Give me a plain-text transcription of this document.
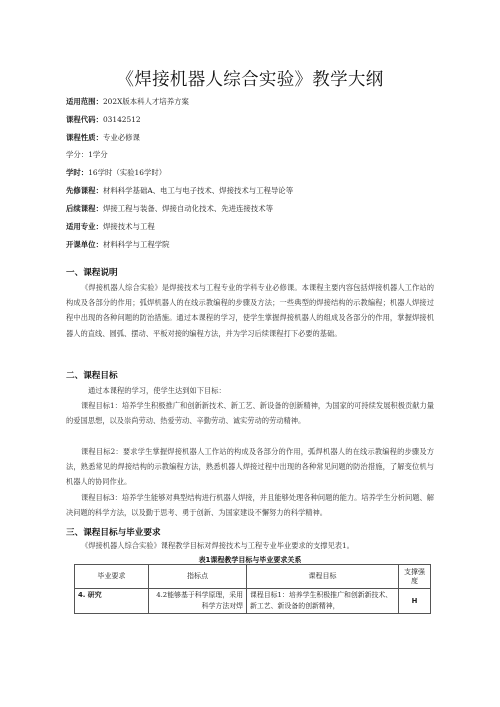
《焊接机器人综合实验》教学大纲
适用范围：202X版本科人才培养方案
课程代码：03142512
课程性质：专业必修课
学分：1学分
学时：16学时（实验16学时）
先修课程：材料科学基础A、电工与电子技术、焊接技术与工程导论等
后续课程：焊接工程与装备、焊接自动化技术、先进连接技术等
适用专业：焊接技术与工程
开课单位：材料科学与工程学院
一、课程说明
《焊接机器人综合实验》是焊接技术与工程专业的学科专业必修课。本课程主要内容包括焊接机器人工作站的构成及各部分的作用；弧焊机器人的在线示教编程的步骤及方法；一些典型的焊接结构的示教编程；机器人焊接过程中出现的各种问题的防治措施。通过本课程的学习，使学生掌握焊接机器人的组成及各部分的作用，掌握焊接机器人的直线、圆弧、摆动、平板对接的编程方法，并为学习后续课程打下必要的基础。
二、课程目标
通过本课程的学习，使学生达到如下目标：
课程目标1：培养学生积极推广和创新新技术、新工艺、新设备的创新精神，为国家的可持续发展积极贡献力量的爱国思想，以及崇尚劳动、热爱劳动、辛勤劳动、诚实劳动的劳动精神。
课程目标2：要求学生掌握焊接机器人工作站的构成及各部分的作用，弧焊机器人的在线示教编程的步骤及方法，熟悉常见的焊接结构的示教编程方法，熟悉机器人焊接过程中出现的各种常见问题的防治措施，了解变位机与机器人的协同作业。
课程目标3：培养学生能够对典型结构进行机器人焊接，并且能够处理各种问题的能力。培养学生分析问题、解决问题的科学方法，以及勤于思考、勇于创新、为国家建设不懈努力的科学精神。
三、课程目标与毕业要求
《焊接机器人综合实验》课程教学目标对焊接技术与工程专业毕业要求的支撑见表1。
表1课程教学目标与毕业要求关系
毕业要求	指标点	课程目标	支撑强度
4. 研究	4.2能够基于科学原理，采用科学方法对焊	课程目标1：培养学生积极推广和创新新技术、新工艺、新设备的创新精神，	H
